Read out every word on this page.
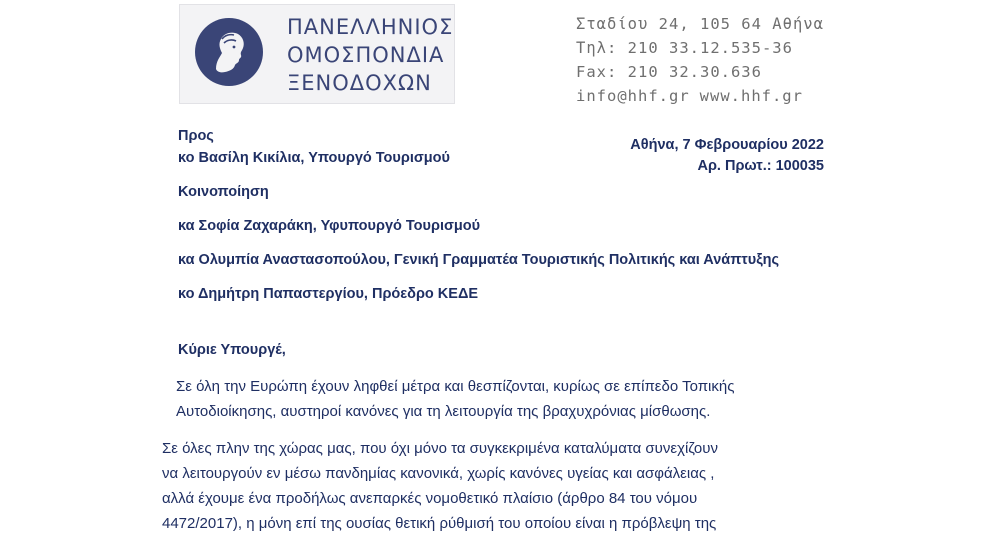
ΠΑΝΕΛΛΗΝΙΟΣ
ΟΜΟΣΠΟΝΔΙΑ
ΞΕΝΟΔΟΧΩΝ
Σταδίου 24, 105 64 Αθήνα
Τηλ: 210 33.12.535-36
Fax: 210 32.30.636
info@hhf.gr www.hhf.gr
Προς
κο Βασίλη Κικίλια, Υπουργό Τουρισμού
Αθήνα, 7 Φεβρουαρίου 2022
Αρ. Πρωτ.: 100035
Κοινοποίηση
κα Σοφία Ζαχαράκη, Υφυπουργό Τουρισμού
κα Ολυμπία Αναστασοπούλου, Γενική Γραμματέα Τουριστικής Πολιτικής και Ανάπτυξης
κο Δημήτρη Παπαστεργίου, Πρόεδρο ΚΕΔΕ
Κύριε Υπουργέ,
Σε όλη την Ευρώπη έχουν ληφθεί μέτρα και θεσπίζονται, κυρίως σε επίπεδο Τοπικής
Αυτοδιοίκησης, αυστηροί κανόνες για τη λειτουργία της βραχυχρόνιας μίσθωσης.
Σε όλες πλην της χώρας μας, που όχι μόνο τα συγκεκριμένα καταλύματα συνεχίζουν
να λειτουργούν εν μέσω πανδημίας κανονικά, χωρίς κανόνες υγείας και ασφάλειας ,
αλλά έχουμε ένα προδήλως ανεπαρκές νομοθετικό πλαίσιο (άρθρο 84 του νόμου
4472/2017), η μόνη επί της ουσίας θετική ρύθμισή του οποίου είναι η πρόβλεψη της
